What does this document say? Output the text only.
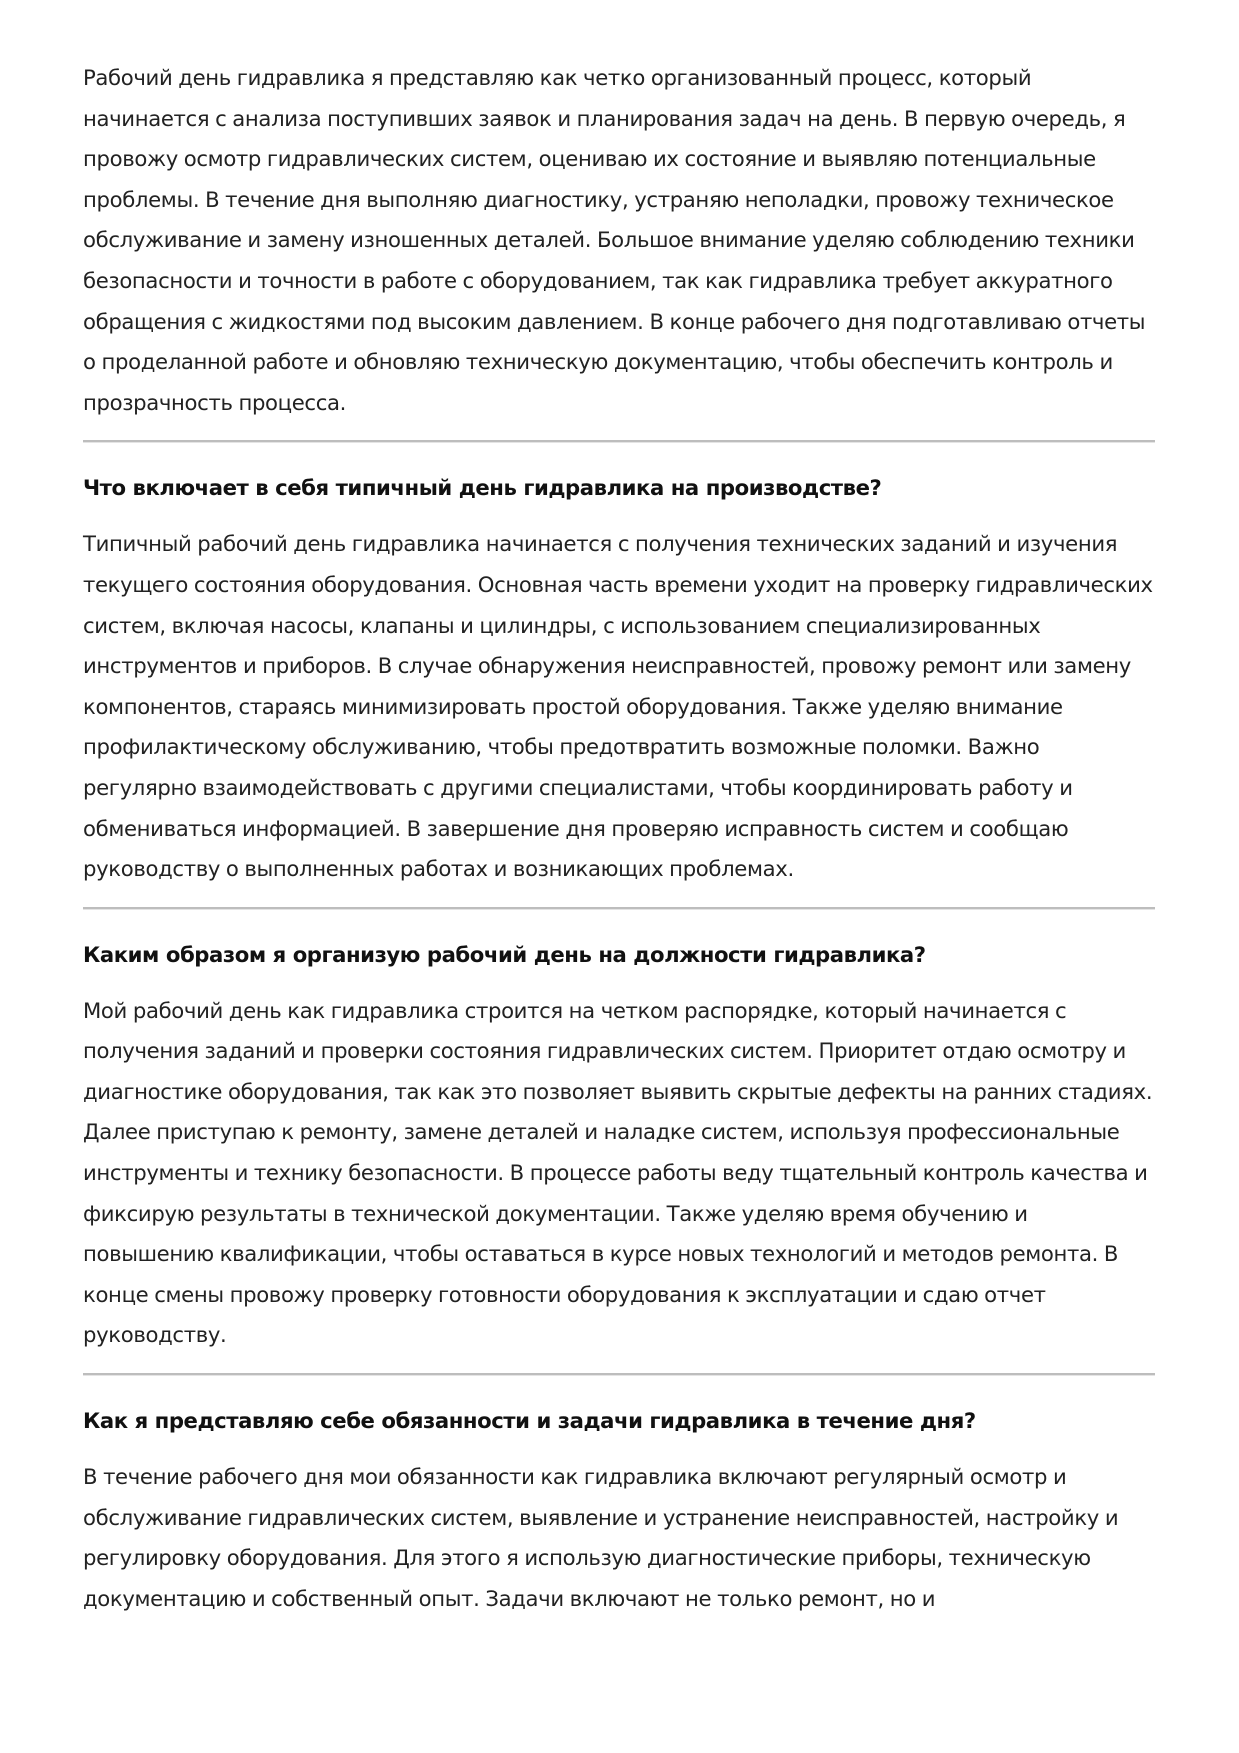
Рабочий день гидравлика я представляю как четко организованный процесс, который начинается с анализа поступивших заявок и планирования задач на день. В первую очередь, я провожу осмотр гидравлических систем, оцениваю их состояние и выявляю потенциальные проблемы. В течение дня выполняю диагностику, устраняю неполадки, провожу техническое обслуживание и замену изношенных деталей. Большое внимание уделяю соблюдению техники безопасности и точности в работе с оборудованием, так как гидравлика требует аккуратного обращения с жидкостями под высоким давлением. В конце рабочего дня подготавливаю отчеты о проделанной работе и обновляю техническую документацию, чтобы обеспечить контроль и прозрачность процесса.

Что включает в себя типичный день гидравлика на производстве?

Типичный рабочий день гидравлика начинается с получения технических заданий и изучения текущего состояния оборудования. Основная часть времени уходит на проверку гидравлических систем, включая насосы, клапаны и цилиндры, с использованием специализированных инструментов и приборов. В случае обнаружения неисправностей, провожу ремонт или замену компонентов, стараясь минимизировать простой оборудования. Также уделяю внимание профилактическому обслуживанию, чтобы предотвратить возможные поломки. Важно регулярно взаимодействовать с другими специалистами, чтобы координировать работу и обмениваться информацией. В завершение дня проверяю исправность систем и сообщаю руководству о выполненных работах и возникающих проблемах.

Каким образом я организую рабочий день на должности гидравлика?

Мой рабочий день как гидравлика строится на четком распорядке, который начинается с получения заданий и проверки состояния гидравлических систем. Приоритет отдаю осмотру и диагностике оборудования, так как это позволяет выявить скрытые дефекты на ранних стадиях. Далее приступаю к ремонту, замене деталей и наладке систем, используя профессиональные инструменты и технику безопасности. В процессе работы веду тщательный контроль качества и фиксирую результаты в технической документации. Также уделяю время обучению и повышению квалификации, чтобы оставаться в курсе новых технологий и методов ремонта. В конце смены провожу проверку готовности оборудования к эксплуатации и сдаю отчет руководству.

Как я представляю себе обязанности и задачи гидравлика в течение дня?

В течение рабочего дня мои обязанности как гидравлика включают регулярный осмотр и обслуживание гидравлических систем, выявление и устранение неисправностей, настройку и регулировку оборудования. Для этого я использую диагностические приборы, техническую документацию и собственный опыт. Задачи включают не только ремонт, но и
